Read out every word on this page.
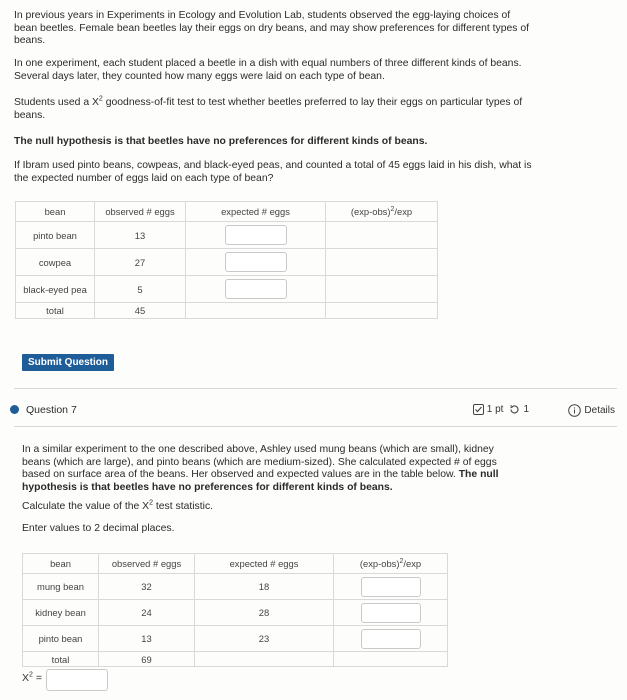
In previous years in Experiments in Ecology and Evolution Lab, students observed the egg-laying choices of bean beetles. Female bean beetles lay their eggs on dry beans, and may show preferences for different types of beans.
In one experiment, each student placed a beetle in a dish with equal numbers of three different kinds of beans. Several days later, they counted how many eggs were laid on each type of bean.
Students used a $X^2$ goodness-of-fit test to test whether beetles preferred to lay their eggs on particular types of beans.
The null hypothesis is that beetles have no preferences for different kinds of beans.
If Ibram used pinto beans, cowpeas, and black-eyed peas, and counted a total of 45 eggs laid in his dish, what is the expected number of eggs laid on each type of bean?
bean	observed # eggs	expected # eggs	$(\exp-obs)^2/\exp$
pinto bean	13		
cowpea	27		
black-eyed pea	5		
total	45		
Submit Question
Question 7	1 pt 1	Details
In a similar experiment to the one described above, Ashley used mung beans (which are small), kidney beans (which are large), and pinto beans (which are medium-sized). She calculated expected # of eggs based on surface area of the beans. Her observed and expected values are in the table below. The null hypothesis is that beetles have no preferences for different kinds of beans.
Calculate the value of the $X^2$ test statistic.
Enter values to 2 decimal places.
bean	observed # eggs	expected # eggs	$(\exp-obs)^2/\exp$
mung bean	32	18	
kidney bean	24	28	
pinto bean	13	23	
total	69		
$X^2$ =
